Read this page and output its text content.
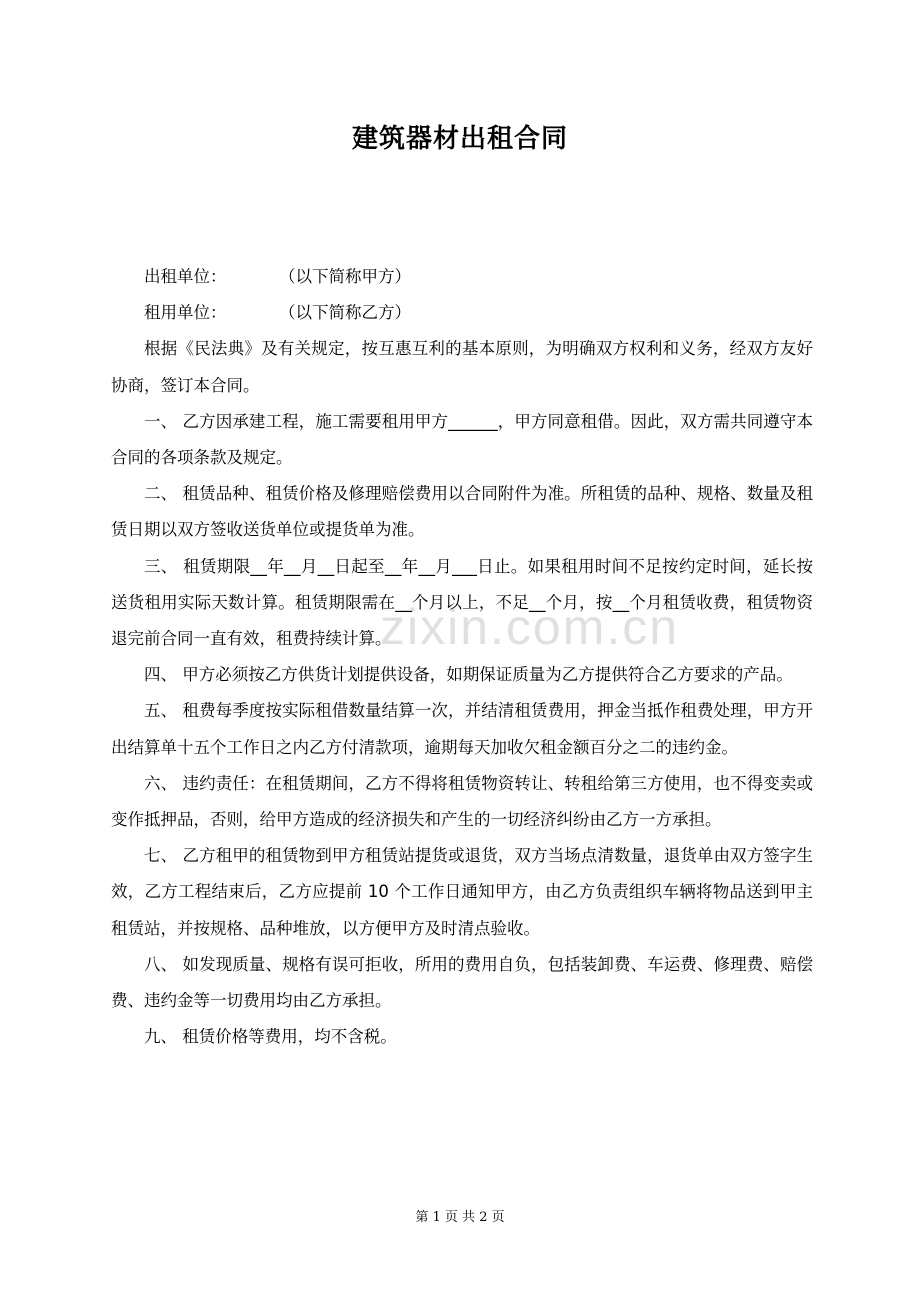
zixin.com.cn
建筑器材出租合同

出租单位：          （以下简称甲方）

租用单位：          （以下简称乙方）

根据《民法典》及有关规定，按互惠互利的基本原则，为明确双方权利和义务，经双方友好协商，签订本合同。

一、 乙方因承建工程，施工需要租用甲方______，甲方同意租借。因此，双方需共同遵守本合同的各项条款及规定。

二、 租赁品种、租赁价格及修理赔偿费用以合同附件为准。所租赁的品种、规格、数量及租赁日期以双方签收送货单位或提货单为准。

三、 租赁期限__年__月__日起至__年__月___日止。如果租用时间不足按约定时间，延长按送货租用实际天数计算。租赁期限需在__个月以上，不足__个月，按__个月租赁收费，租赁物资退完前合同一直有效，租费持续计算。

四、 甲方必须按乙方供货计划提供设备，如期保证质量为乙方提供符合乙方要求的产品。

五、 租费每季度按实际租借数量结算一次，并结清租赁费用，押金当抵作租费处理，甲方开出结算单十五个工作日之内乙方付清款项，逾期每天加收欠租金额百分之二的违约金。

六、 违约责任：在租赁期间，乙方不得将租赁物资转让、转租给第三方使用，也不得变卖或变作抵押品，否则，给甲方造成的经济损失和产生的一切经济纠纷由乙方一方承担。

七、 乙方租甲的租赁物到甲方租赁站提货或退货，双方当场点清数量，退货单由双方签字生效，乙方工程结束后，乙方应提前 10 个工作日通知甲方，由乙方负责组织车辆将物品送到甲主租赁站，并按规格、品种堆放，以方便甲方及时清点验收。

八、 如发现质量、规格有误可拒收，所用的费用自负，包括装卸费、车运费、修理费、赔偿费、违约金等一切费用均由乙方承担。

九、 租赁价格等费用，均不含税。

第 1 页 共 2 页
